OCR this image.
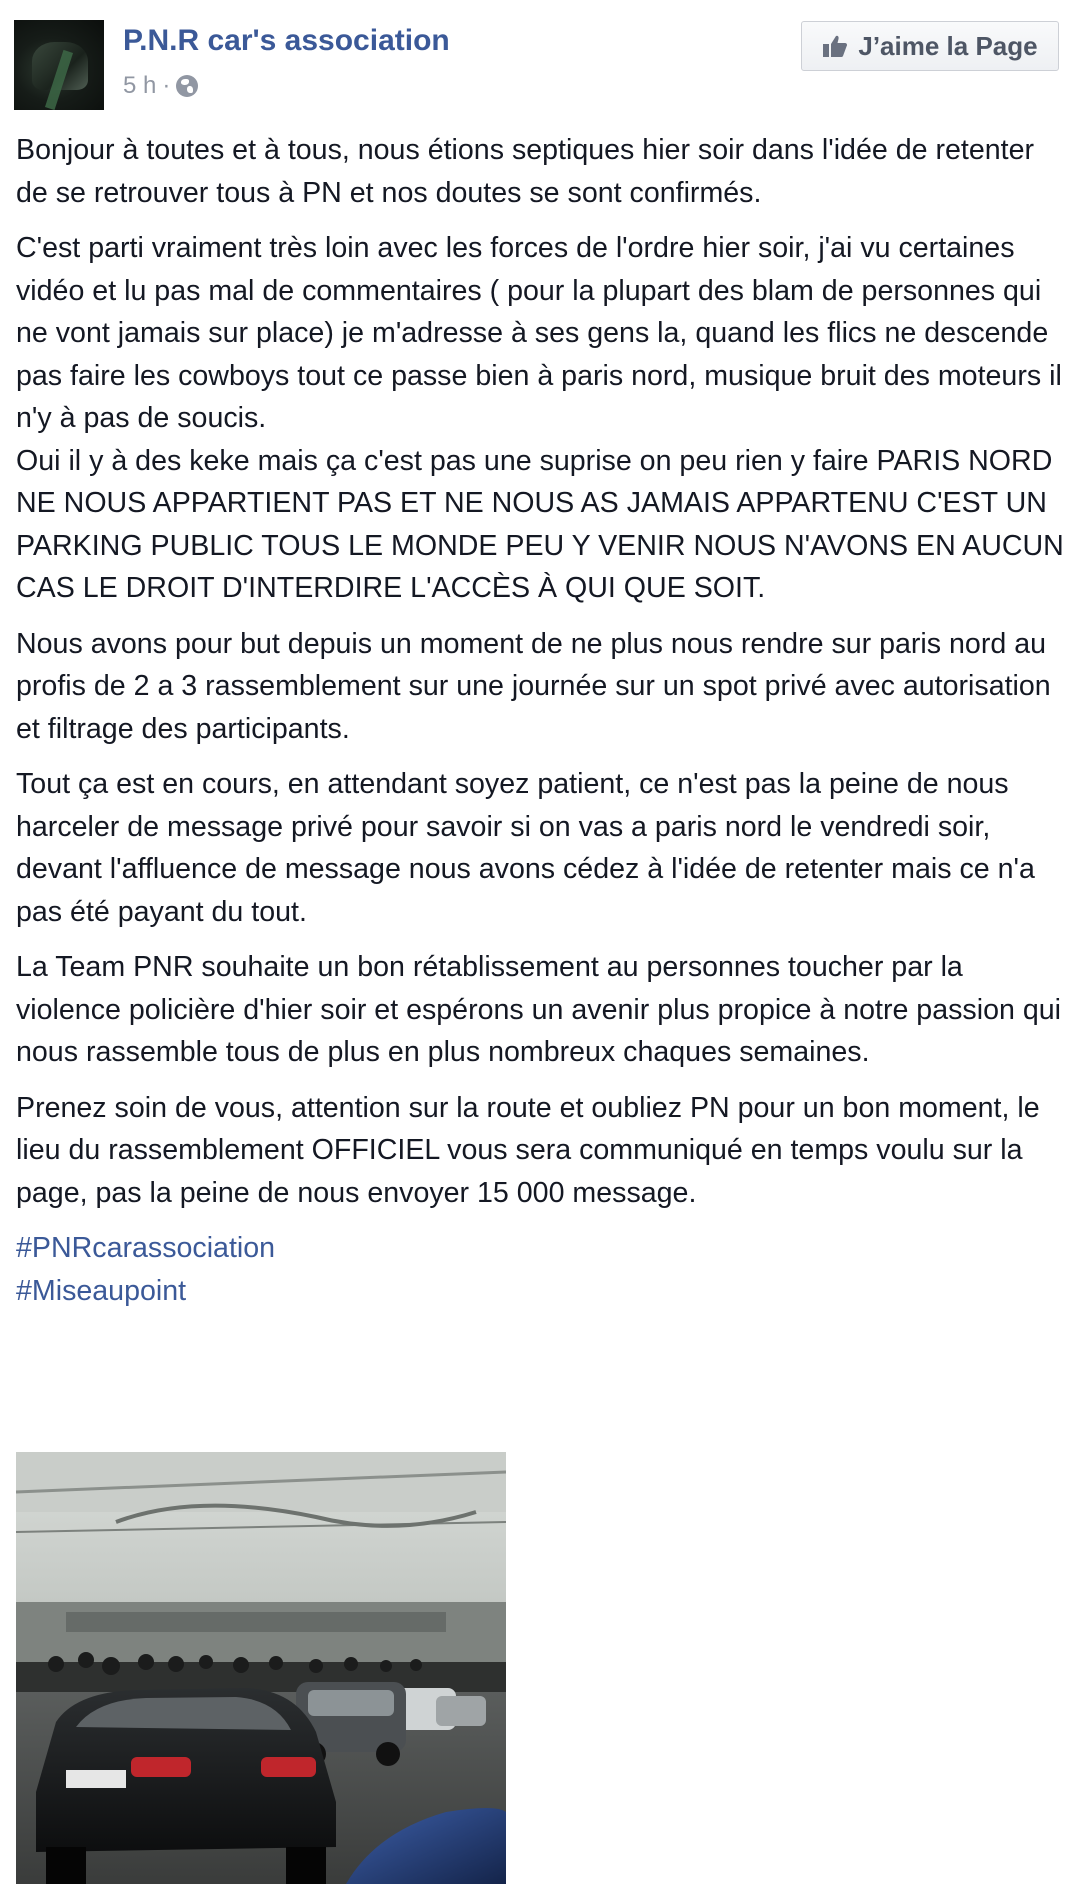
P.N.R car's association
5 h ·
J’aime la Page

Bonjour à toutes et à tous, nous étions septiques hier soir dans l'idée de retenter de se retrouver tous à PN et nos doutes se sont confirmés.

C'est parti vraiment très loin avec les forces de l'ordre hier soir, j'ai vu certaines vidéo et lu pas mal de commentaires ( pour la plupart des blam de personnes qui ne vont jamais sur place) je m'adresse à ses gens la, quand les flics ne descende pas faire les cowboys tout ce passe bien à paris nord, musique bruit des moteurs il n'y à pas de soucis.

Oui il y à des keke mais ça c'est pas une suprise on peu rien y faire PARIS NORD NE NOUS APPARTIENT PAS ET NE NOUS AS JAMAIS APPARTENU C'EST UN PARKING PUBLIC TOUS LE MONDE PEU Y VENIR NOUS N'AVONS EN AUCUN CAS LE DROIT D'INTERDIRE L'ACCÈS À QUI QUE SOIT.

Nous avons pour but depuis un moment de ne plus nous rendre sur paris nord au profis de 2 a 3 rassemblement sur une journée sur un spot privé avec autorisation et filtrage des participants.

Tout ça est en cours, en attendant soyez patient, ce n'est pas la peine de nous harceler de message privé pour savoir si on vas a paris nord le vendredi soir, devant l'affluence de message nous avons cédez à l'idée de retenter mais ce n'a pas été payant du tout.

La Team PNR souhaite un bon rétablissement au personnes toucher par la violence policière d'hier soir et espérons un avenir plus propice à notre passion qui nous rassemble tous de plus en plus nombreux chaques semaines.

Prenez soin de vous, attention sur la route et oubliez PN pour un bon moment, le lieu du rassemblement OFFICIEL vous sera communiqué en temps voulu sur la page, pas la peine de nous envoyer 15 000 message.

#PNRcarassociation
#Miseaupoint
